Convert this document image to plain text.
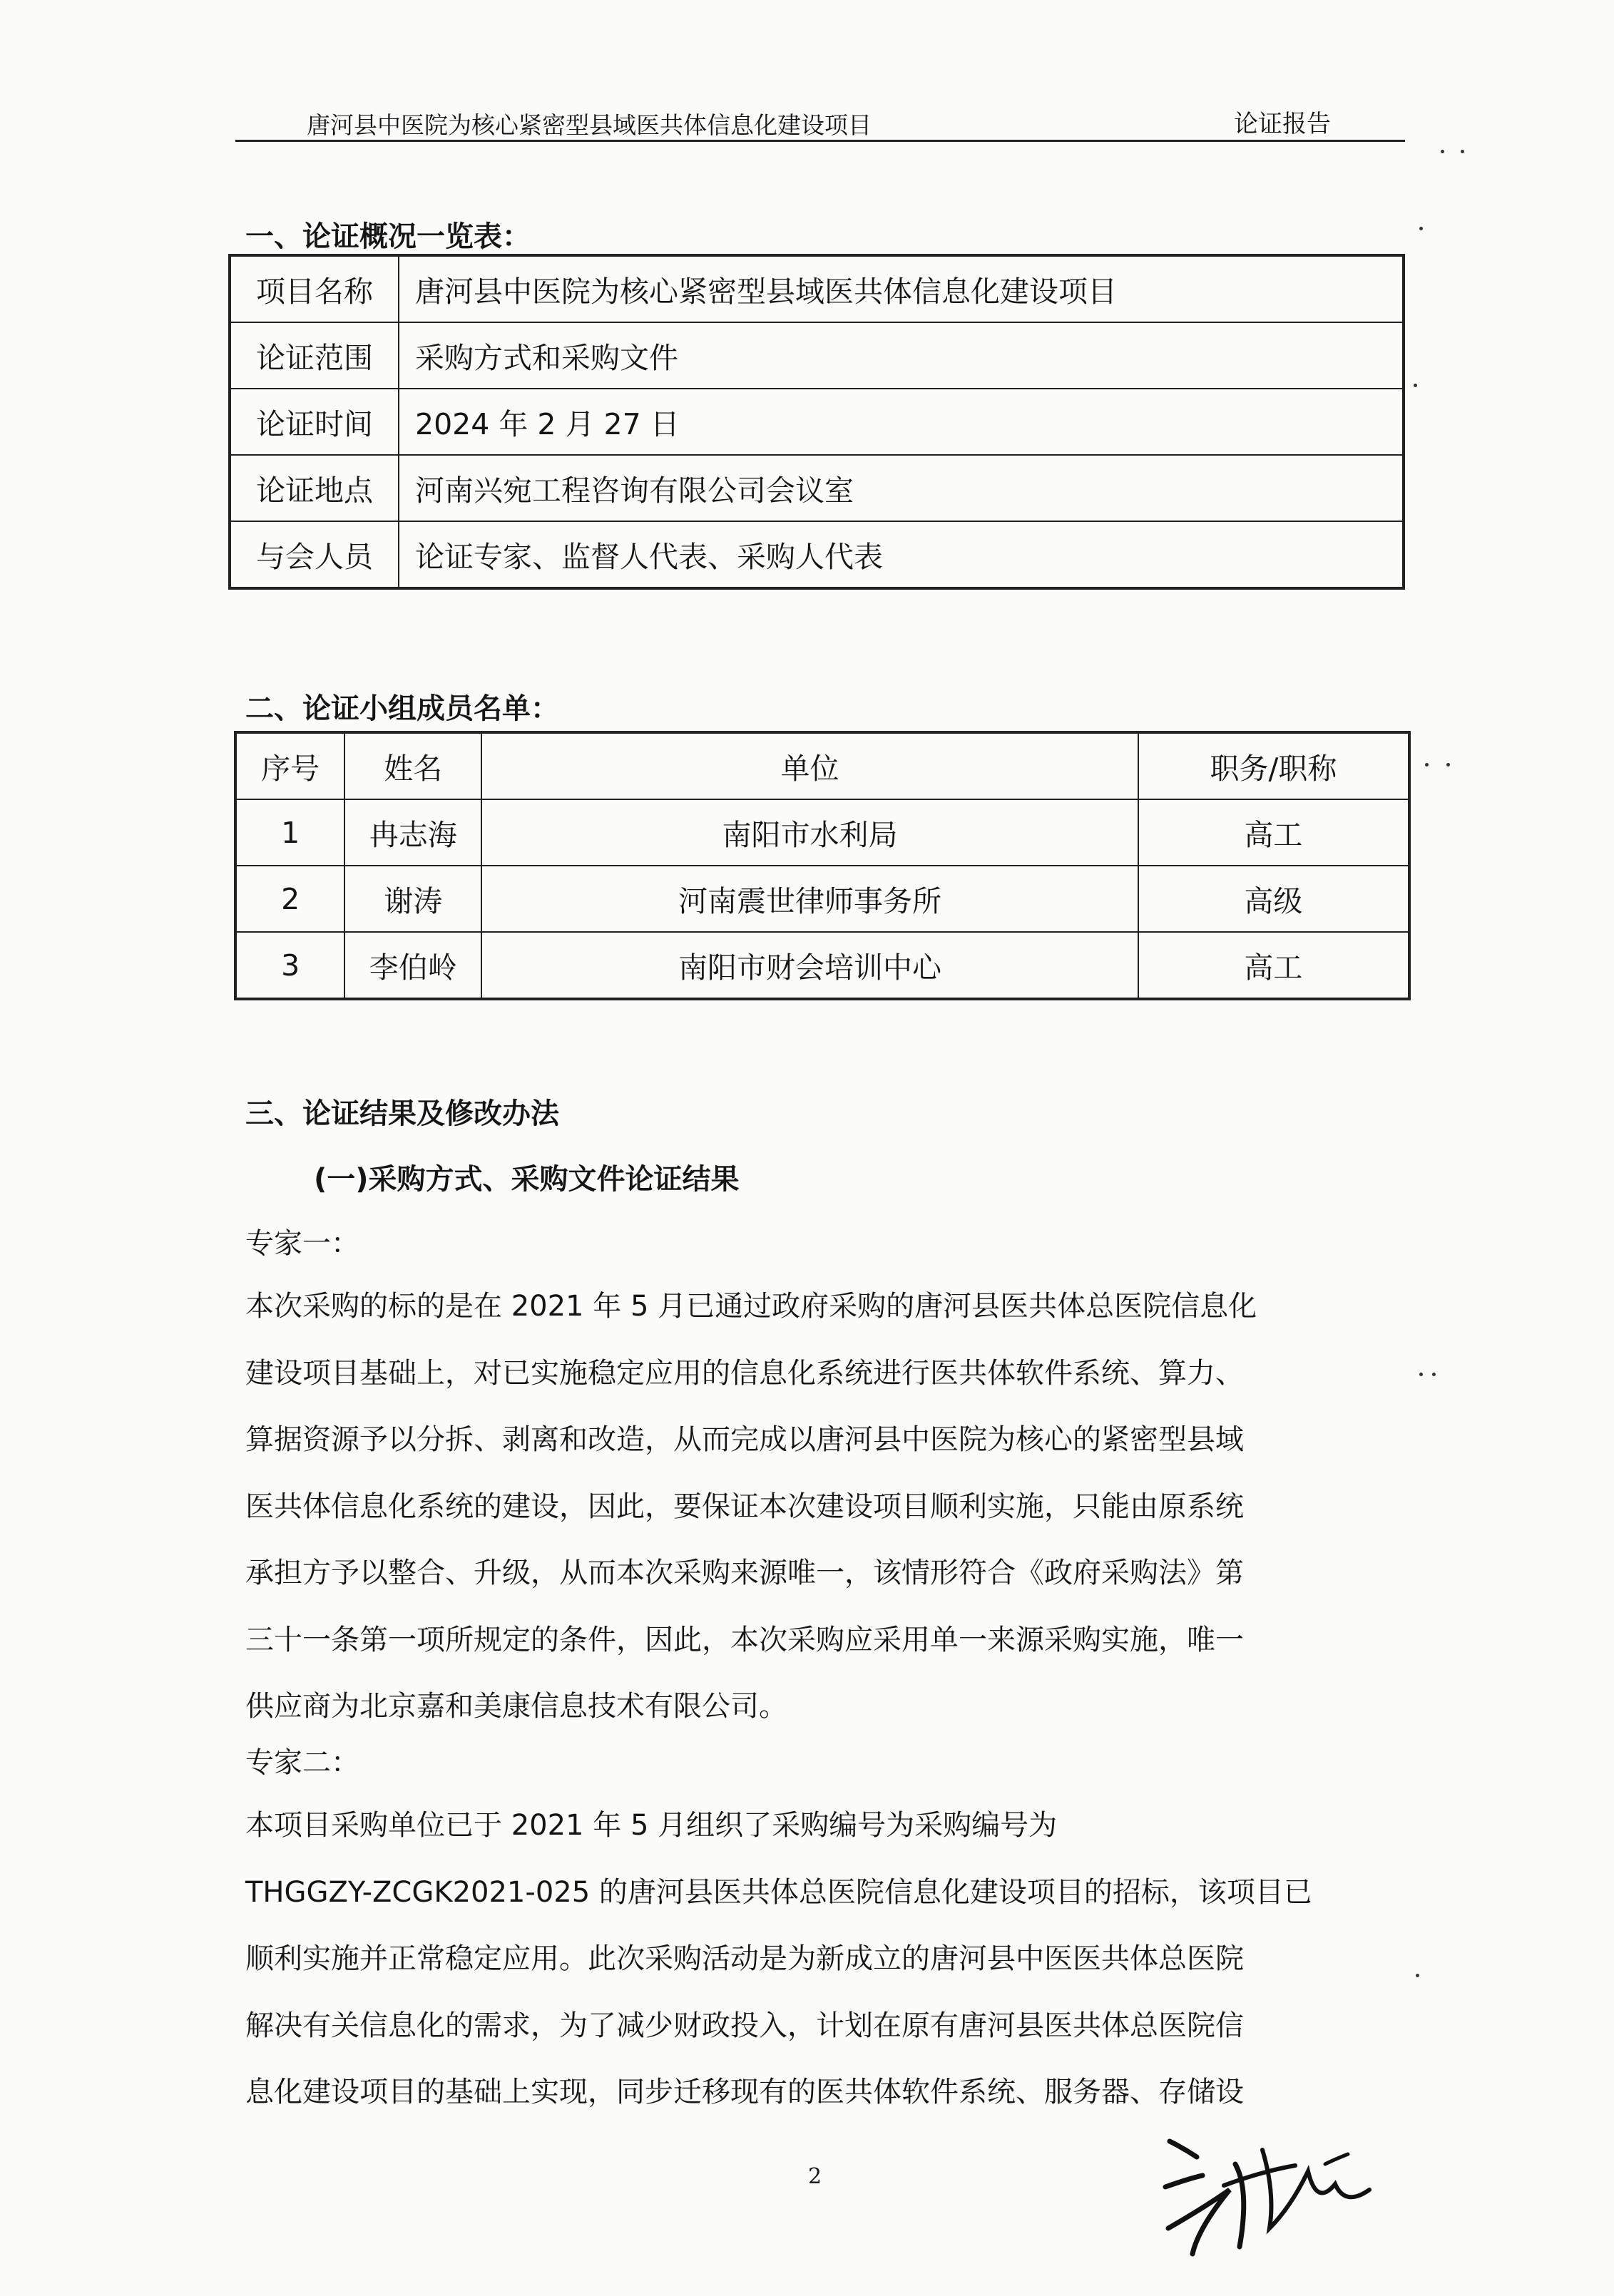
唐河县中医院为核心紧密型县域医共体信息化建设项目	论证报告
一、论证概况一览表：
项目名称	唐河县中医院为核心紧密型县域医共体信息化建设项目
论证范围	采购方式和采购文件
论证时间	2024 年 2 月 27 日
论证地点	河南兴宛工程咨询有限公司会议室
与会人员	论证专家、监督人代表、采购人代表
二、论证小组成员名单：
序号	姓名	单位	职务/职称
1	冉志海	南阳市水利局	高工
2	谢涛	河南震世律师事务所	高级
3	李伯岭	南阳市财会培训中心	高工
三、论证结果及修改办法
(一)采购方式、采购文件论证结果
专家一：
本次采购的标的是在 2021 年 5 月已通过政府采购的唐河县医共体总医院信息化
建设项目基础上，对已实施稳定应用的信息化系统进行医共体软件系统、算力、
算据资源予以分拆、剥离和改造，从而完成以唐河县中医院为核心的紧密型县域
医共体信息化系统的建设，因此，要保证本次建设项目顺利实施，只能由原系统
承担方予以整合、升级，从而本次采购来源唯一，该情形符合《政府采购法》第
三十一条第一项所规定的条件，因此，本次采购应采用单一来源采购实施，唯一
供应商为北京嘉和美康信息技术有限公司。
专家二：
本项目采购单位已于 2021 年 5 月组织了采购编号为采购编号为
THGGZY-ZCGK2021-025 的唐河县医共体总医院信息化建设项目的招标，该项目已
顺利实施并正常稳定应用。此次采购活动是为新成立的唐河县中医医共体总医院
解决有关信息化的需求，为了减少财政投入，计划在原有唐河县医共体总医院信
息化建设项目的基础上实现，同步迁移现有的医共体软件系统、服务器、存储设
2
